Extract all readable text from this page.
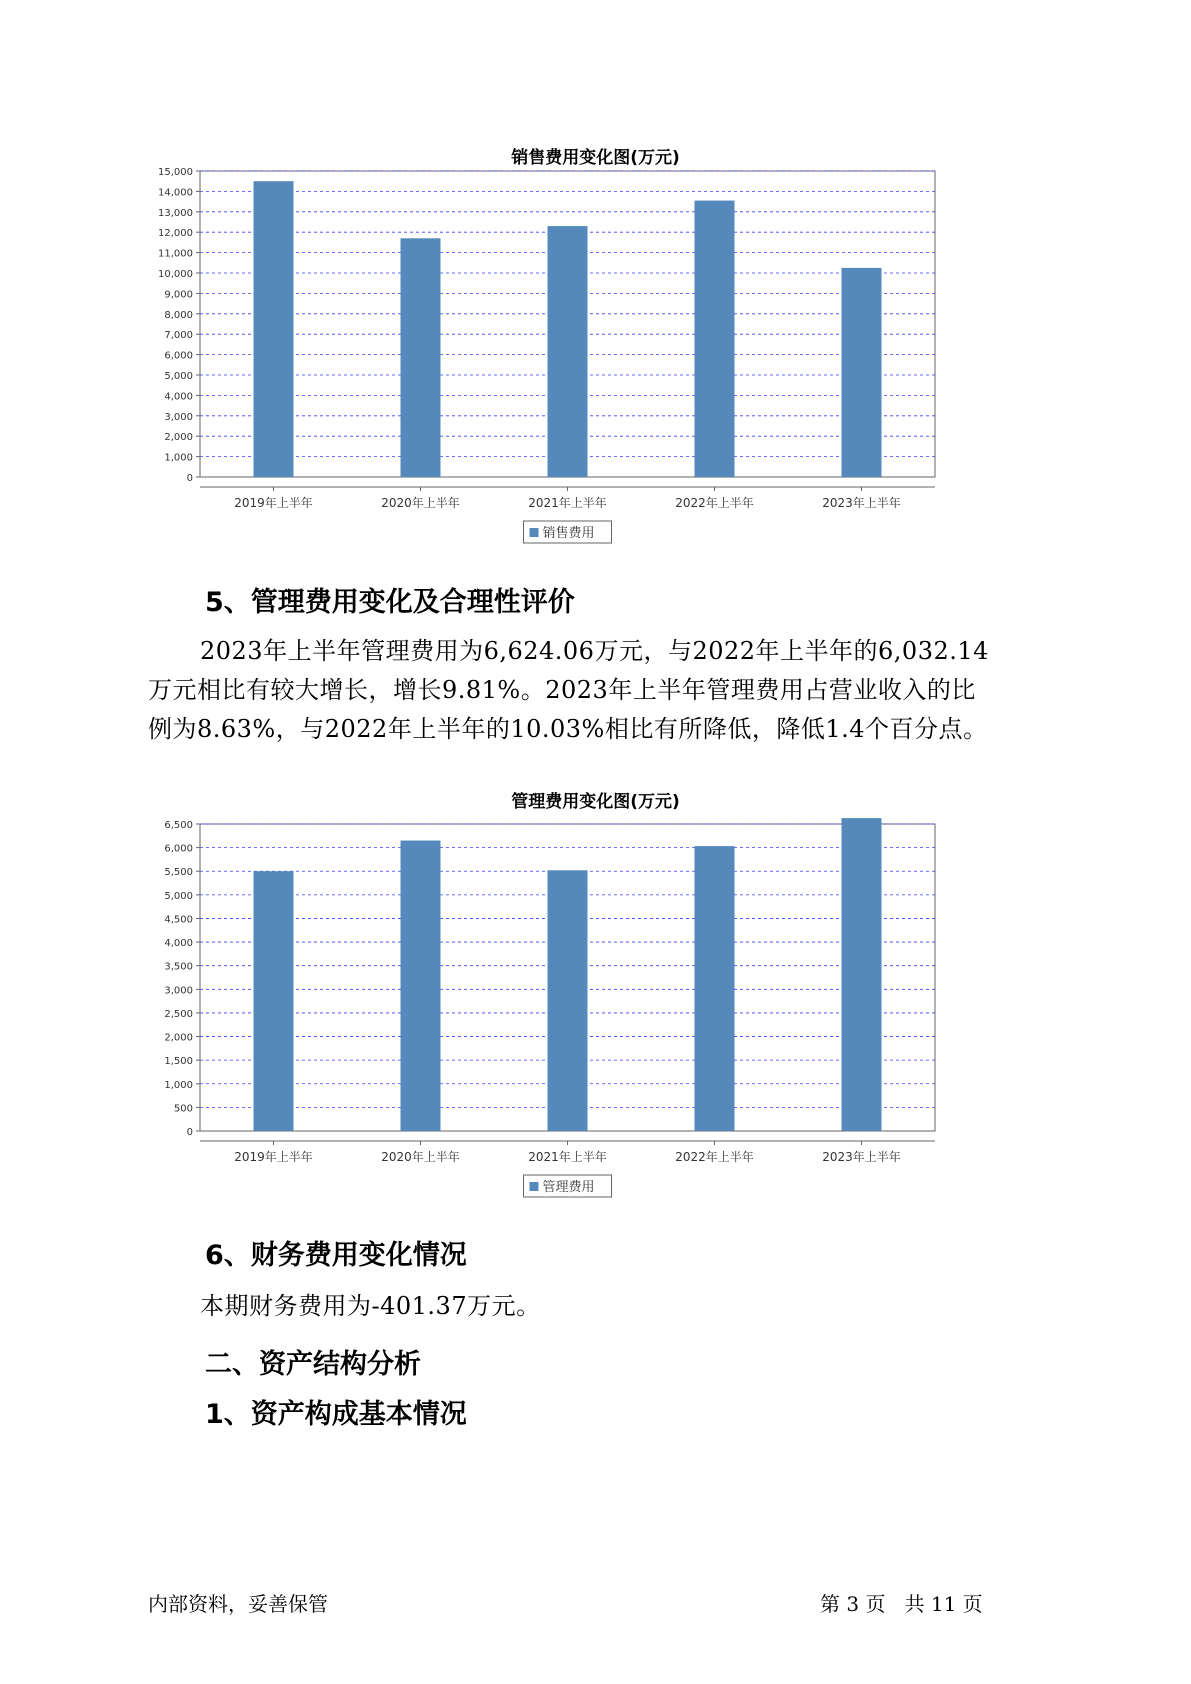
销售费用变化图(万元)
0
1,000
2,000
3,000
4,000
5,000
6,000
7,000
8,000
9,000
10,000
11,000
12,000
13,000
14,000
15,000
2019年上半年	2020年上半年	2021年上半年	2022年上半年	2023年上半年
销售费用
5、管理费用变化及合理性评价
2023年上半年管理费用为6,624.06万元，与2022年上半年的6,032.14
万元相比有较大增长，增长9.81%。2023年上半年管理费用占营业收入的比
例为8.63%，与2022年上半年的10.03%相比有所降低，降低1.4个百分点。
管理费用变化图(万元)
0
500
1,000
1,500
2,000
2,500
3,000
3,500
4,000
4,500
5,000
5,500
6,000
6,500
2019年上半年	2020年上半年	2021年上半年	2022年上半年	2023年上半年
管理费用
6、财务费用变化情况
本期财务费用为-401.37万元。
二、资产结构分析
1、资产构成基本情况
内部资料，妥善保管	第 3 页   共 11 页
